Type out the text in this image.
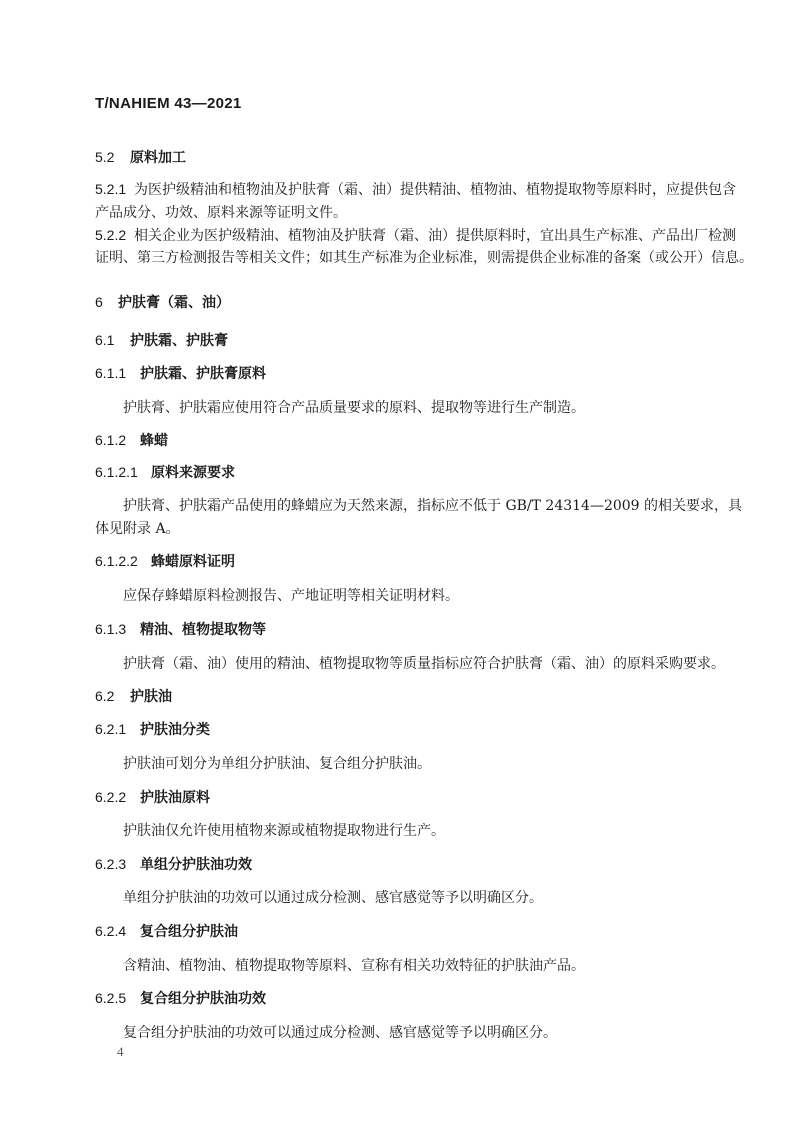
T/NAHIEM 43—2021
5.2 原料加工
5.2.1 为医护级精油和植物油及护肤膏（霜、油）提供精油、植物油、植物提取物等原料时，应提供包含
产品成分、功效、原料来源等证明文件。
5.2.2 相关企业为医护级精油、植物油及护肤膏（霜、油）提供原料时，宜出具生产标准、产品出厂检测
证明、第三方检测报告等相关文件；如其生产标准为企业标准，则需提供企业标准的备案（或公开）信息。
6 护肤膏（霜、油）
6.1 护肤霜、护肤膏
6.1.1 护肤霜、护肤膏原料
护肤膏、护肤霜应使用符合产品质量要求的原料、提取物等进行生产制造。
6.1.2 蜂蜡
6.1.2.1 原料来源要求
护肤膏、护肤霜产品使用的蜂蜡应为天然来源，指标应不低于 GB/T 24314—2009 的相关要求，具
体见附录 A。
6.1.2.2 蜂蜡原料证明
应保存蜂蜡原料检测报告、产地证明等相关证明材料。
6.1.3 精油、植物提取物等
护肤膏（霜、油）使用的精油、植物提取物等质量指标应符合护肤膏（霜、油）的原料采购要求。
6.2 护肤油
6.2.1 护肤油分类
护肤油可划分为单组分护肤油、复合组分护肤油。
6.2.2 护肤油原料
护肤油仅允许使用植物来源或植物提取物进行生产。
6.2.3 单组分护肤油功效
单组分护肤油的功效可以通过成分检测、感官感觉等予以明确区分。
6.2.4 复合组分护肤油
含精油、植物油、植物提取物等原料、宣称有相关功效特征的护肤油产品。
6.2.5 复合组分护肤油功效
复合组分护肤油的功效可以通过成分检测、感官感觉等予以明确区分。
4
